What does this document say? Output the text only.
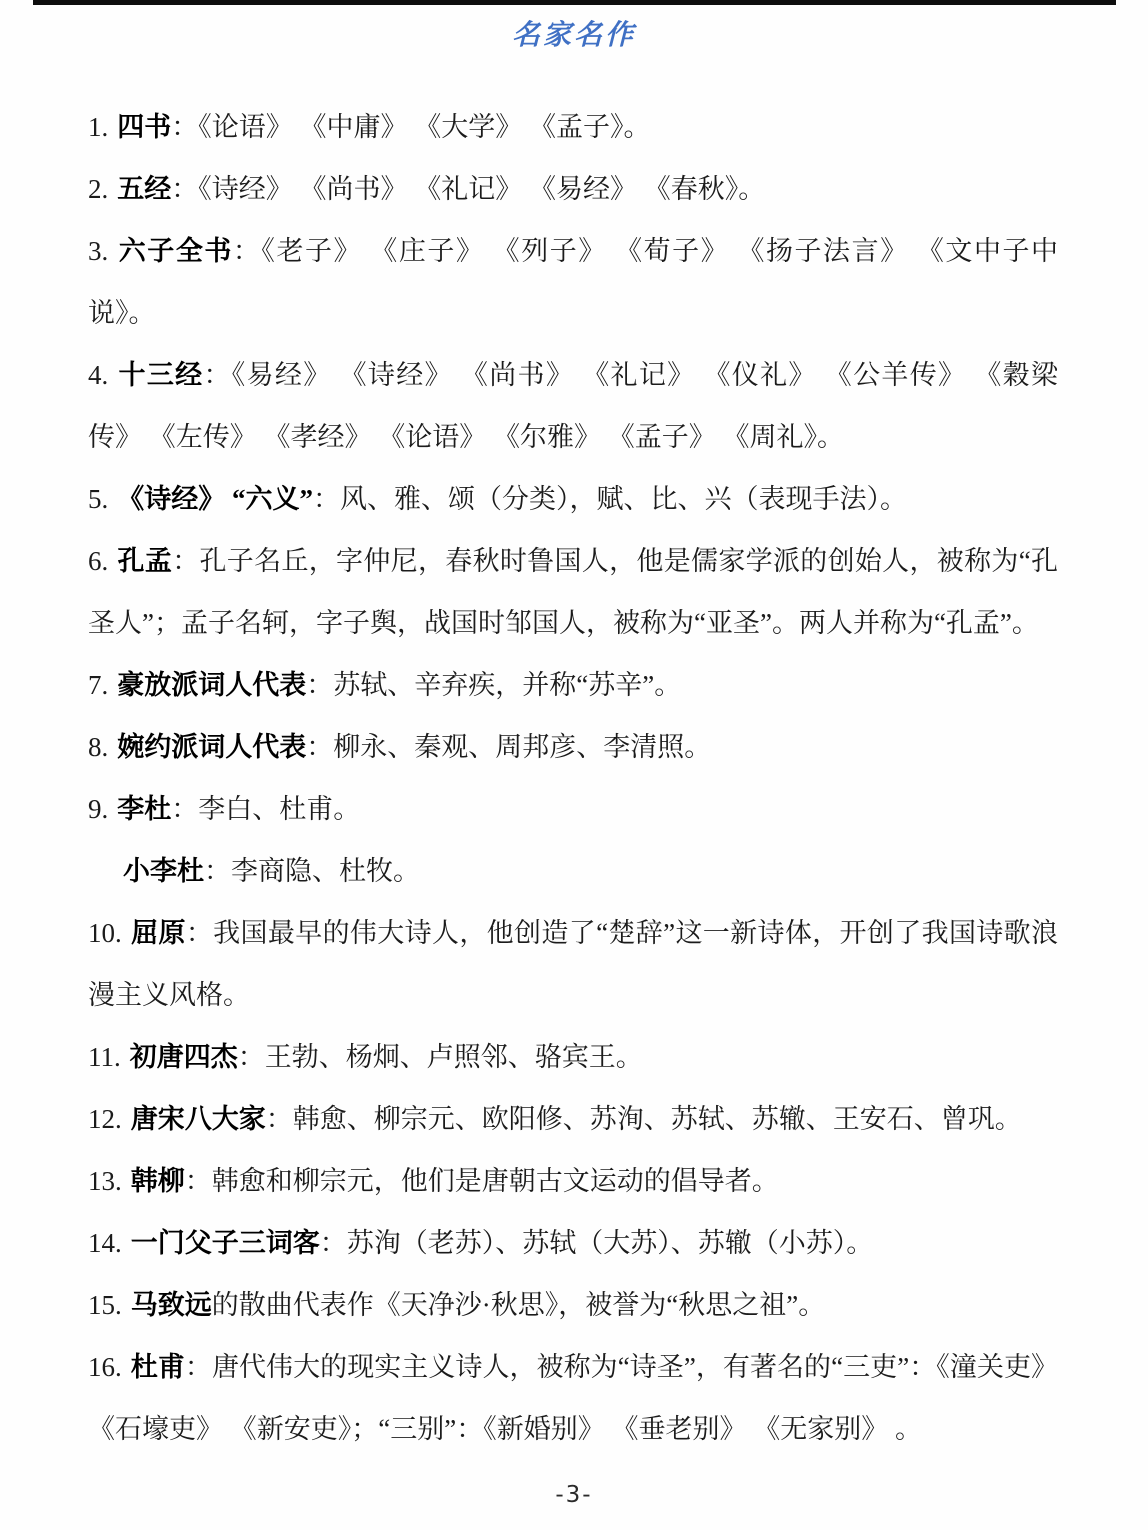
名家名作

1. 四书：《论语》 《中庸》 《大学》 《孟子》。

2. 五经：《诗经》 《尚书》 《礼记》 《易经》 《春秋》。

3. 六子全书：《老子》 《庄子》 《列子》 《荀子》 《扬子法言》 《文中子中说》。

4. 十三经：《易经》 《诗经》 《尚书》 《礼记》 《仪礼》 《公羊传》 《穀梁传》 《左传》 《孝经》 《论语》 《尔雅》 《孟子》 《周礼》。

5. 《诗经》 “六义”：风、雅、颂（分类），赋、比、兴（表现手法）。

6. 孔孟：孔子名丘，字仲尼，春秋时鲁国人，他是儒家学派的创始人，被称为“孔圣人”；孟子名轲，字子舆，战国时邹国人，被称为“亚圣”。两人并称为“孔孟”。

7. 豪放派词人代表：苏轼、辛弃疾，并称“苏辛”。

8. 婉约派词人代表：柳永、秦观、周邦彦、李清照。

9. 李杜：李白、杜甫。

小李杜：李商隐、杜牧。

10. 屈原：我国最早的伟大诗人，他创造了“楚辞”这一新诗体，开创了我国诗歌浪漫主义风格。

11. 初唐四杰：王勃、杨炯、卢照邻、骆宾王。

12. 唐宋八大家：韩愈、柳宗元、欧阳修、苏洵、苏轼、苏辙、王安石、曾巩。

13. 韩柳：韩愈和柳宗元，他们是唐朝古文运动的倡导者。

14. 一门父子三词客：苏洵（老苏）、苏轼（大苏）、苏辙（小苏）。

15. 马致远的散曲代表作《天净沙·秋思》，被誉为“秋思之祖”。

16. 杜甫：唐代伟大的现实主义诗人，被称为“诗圣”，有著名的“三吏”：《潼关吏》 《石壕吏》 《新安吏》；“三别”：《新婚别》 《垂老别》 《无家别》 。

-3-
